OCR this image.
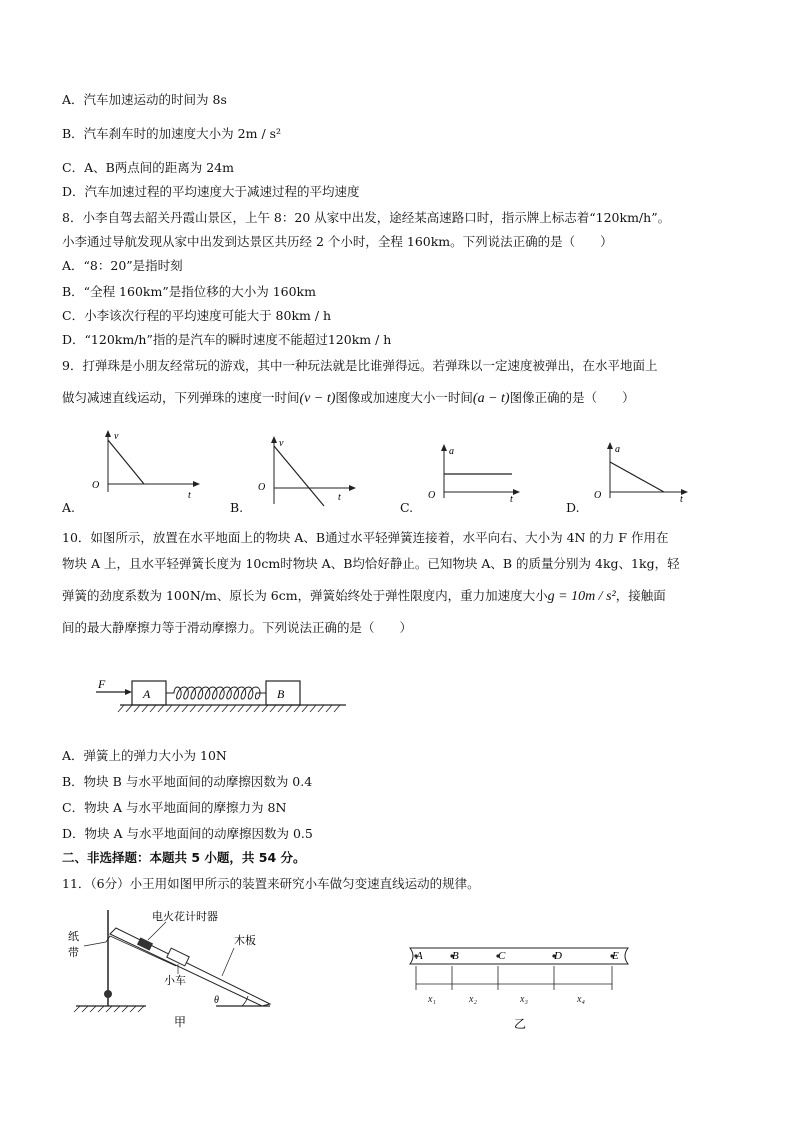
A．汽车加速运动的时间为 8s
B．汽车刹车时的加速度大小为 2m / s²
C．A、B两点间的距离为 24m
D．汽车加速过程的平均速度大于减速过程的平均速度
8．小李自驾去韶关丹霞山景区，上午 8：20 从家中出发，途经某高速路口时，指示牌上标志着“120km/h”。
小李通过导航发现从家中出发到达景区共历经 2 个小时，全程 160km。下列说法正确的是（　　）
A．“8：20”是指时刻
B．“全程 160km”是指位移的大小为 160km
C．小李该次行程的平均速度可能大于 80km / h
D．“120km/h”指的是汽车的瞬时速度不能超过120km / h
9．打弹珠是小朋友经常玩的游戏，其中一种玩法就是比谁弹得远。若弹珠以一定速度被弹出，在水平地面上
做匀减速直线运动，下列弹珠的速度一时间(v − t)图像或加速度大小一时间(a − t)图像正确的是（　　）
A.
v
O
t
B.
v
O
t
C.
a
O	t
D.
a
O	t
10．如图所示，放置在水平地面上的物块 A、B通过水平轻弹簧连接着，水平向右、大小为 4N 的力 F 作用在
物块 A 上，且水平轻弹簧长度为 10cm时物块 A、B均恰好静止。已知物块 A、B 的质量分别为 4kg、1kg，轻
弹簧的劲度系数为 100N/m、原长为 6cm，弹簧始终处于弹性限度内，重力加速度大小g = 10m / s²，接触面
间的最大静摩擦力等于滑动摩擦力。下列说法正确的是（　　）
F
A	B
A．弹簧上的弹力大小为 10N
B．物块 B 与水平地面间的动摩擦因数为 0.4
C．物块 A 与水平地面间的摩擦力为 8N
D．物块 A 与水平地面间的动摩擦因数为 0.5
二、非选择题：本题共 5 小题，共 54 分。
11．（6分）小王用如图甲所示的装置来研究小车做匀变速直线运动的规律。
电火花计时器
纸
带
木板
小车
θ
甲
A	B	C	D	E
x₁	x₂	x₃	x₄
乙
